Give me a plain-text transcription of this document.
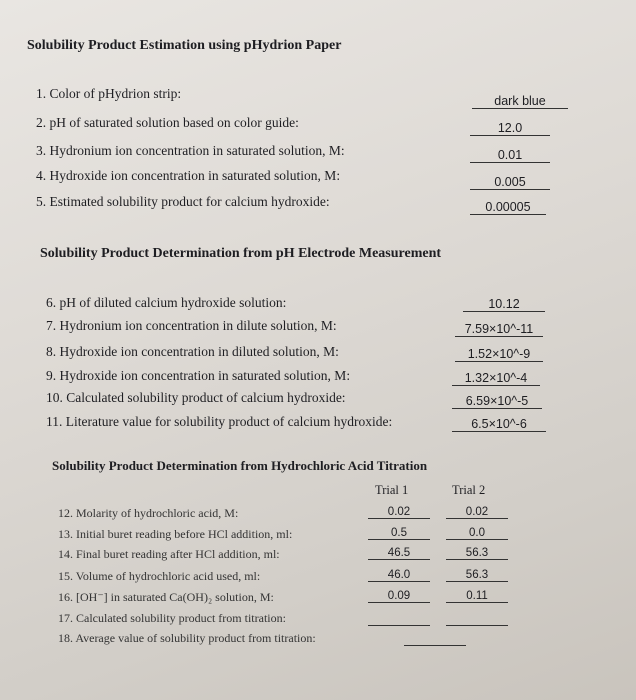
Solubility Product Estimation using pHydrion Paper
1. Color of pHydrion strip:	dark blue
2. pH of saturated solution based on color guide:	12.0
3. Hydronium ion concentration in saturated solution, M:	0.01
4. Hydroxide ion concentration in saturated solution, M:	0.005
5. Estimated solubility product for calcium hydroxide:	0.00005
Solubility Product Determination from pH Electrode Measurement
6. pH of diluted calcium hydroxide solution:	10.12
7. Hydronium ion concentration in dilute solution, M:	7.59×10^-11
8. Hydroxide ion concentration in diluted solution, M:	1.52×10^-9
9. Hydroxide ion concentration in saturated solution, M:	1.32×10^-4
10. Calculated solubility product of calcium hydroxide:	6.59×10^-5
11. Literature value for solubility product of calcium hydroxide:	6.5×10^-6
Solubility Product Determination from Hydrochloric Acid Titration
Trial 1	Trial 2
12. Molarity of hydrochloric acid, M:	0.02	0.02
13. Initial buret reading before HCl addition, ml:	0.5	0.0
14. Final buret reading after HCl addition, ml:	46.5	56.3
15. Volume of hydrochloric acid used, ml:	46.0	56.3
16. [OH⁻] in saturated Ca(OH)₂ solution, M:	0.09	0.11
17. Calculated solubility product from titration:
18. Average value of solubility product from titration:
